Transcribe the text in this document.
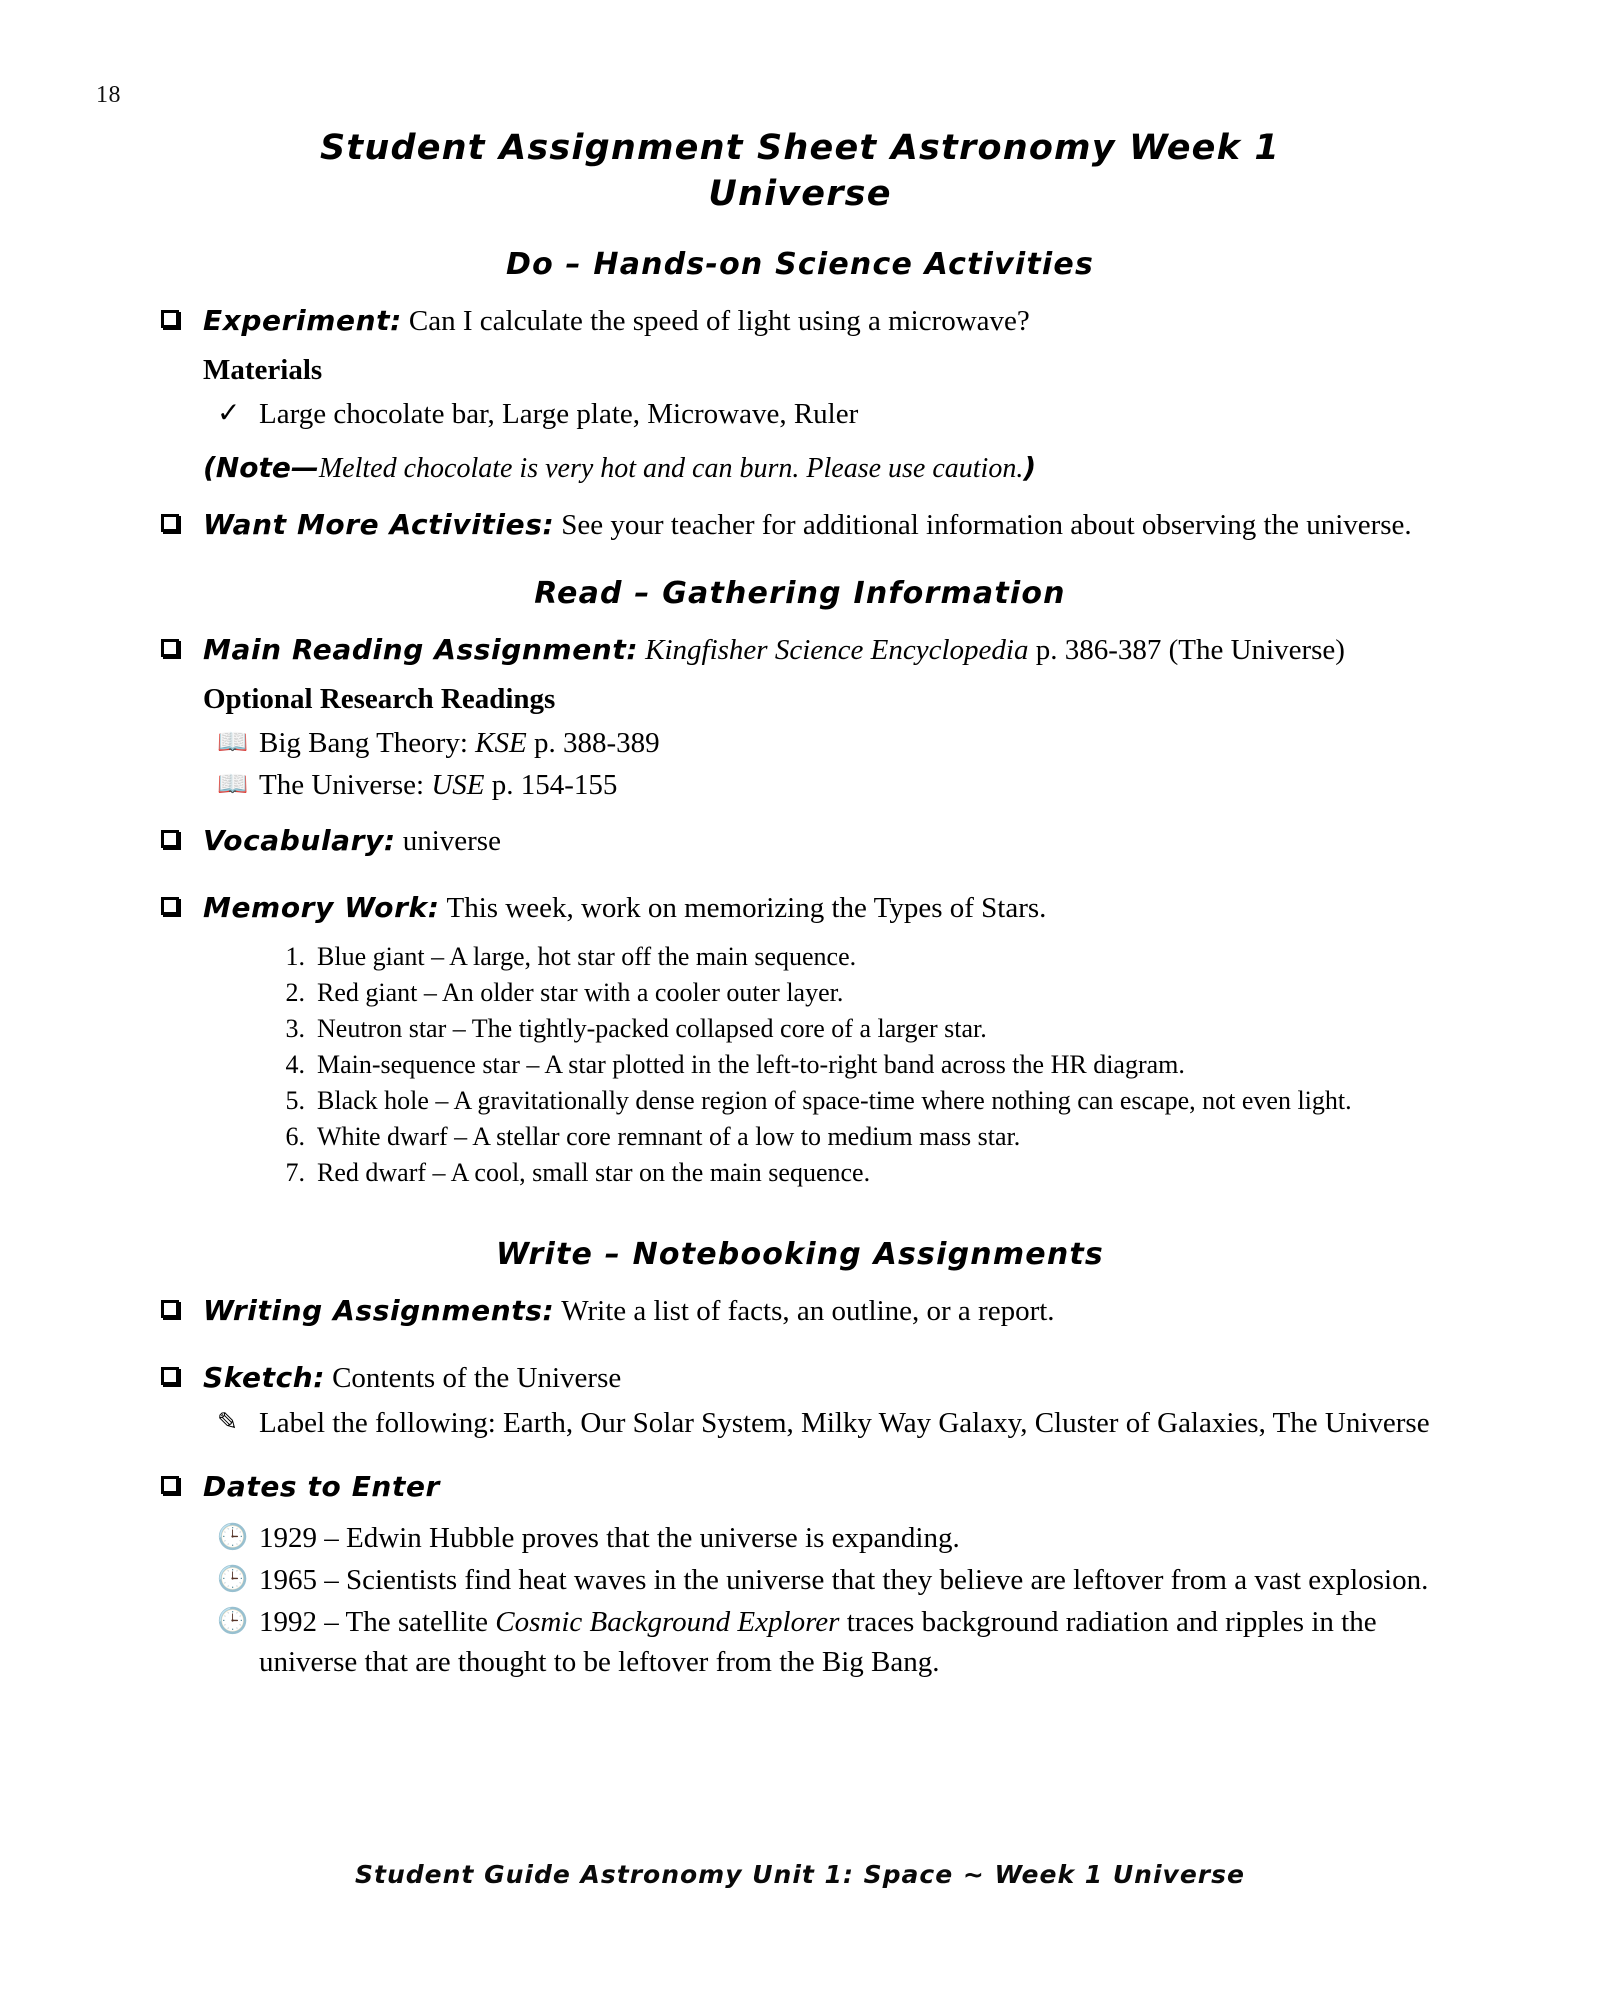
18
Student Assignment Sheet Astronomy Week 1
Universe
Do – Hands-on Science Activities
Experiment: Can I calculate the speed of light using a microwave?
Materials
✓ Large chocolate bar, Large plate, Microwave, Ruler
(Note—Melted chocolate is very hot and can burn. Please use caution.)
Want More Activities: See your teacher for additional information about observing the universe.
Read – Gathering Information
Main Reading Assignment: Kingfisher Science Encyclopedia p. 386-387 (The Universe)
Optional Research Readings
📖 Big Bang Theory: KSE p. 388-389
📖 The Universe: USE p. 154-155
Vocabulary: universe
Memory Work: This week, work on memorizing the Types of Stars.
Blue giant – A large, hot star off the main sequence.
Red giant – An older star with a cooler outer layer.
Neutron star – The tightly-packed collapsed core of a larger star.
Main-sequence star – A star plotted in the left-to-right band across the HR diagram.
Black hole – A gravitationally dense region of space-time where nothing can escape, not even light.
White dwarf – A stellar core remnant of a low to medium mass star.
Red dwarf – A cool, small star on the main sequence.
Write – Notebooking Assignments
Writing Assignments: Write a list of facts, an outline, or a report.
Sketch: Contents of the Universe
✎ Label the following: Earth, Our Solar System, Milky Way Galaxy, Cluster of Galaxies, The Universe
Dates to Enter
🕒 1929 – Edwin Hubble proves that the universe is expanding.
🕒 1965 – Scientists find heat waves in the universe that they believe are leftover from a vast explosion.
🕒 1992 – The satellite Cosmic Background Explorer traces background radiation and ripples in the universe that are thought to be leftover from the Big Bang.
Student Guide Astronomy Unit 1: Space ~ Week 1 Universe
